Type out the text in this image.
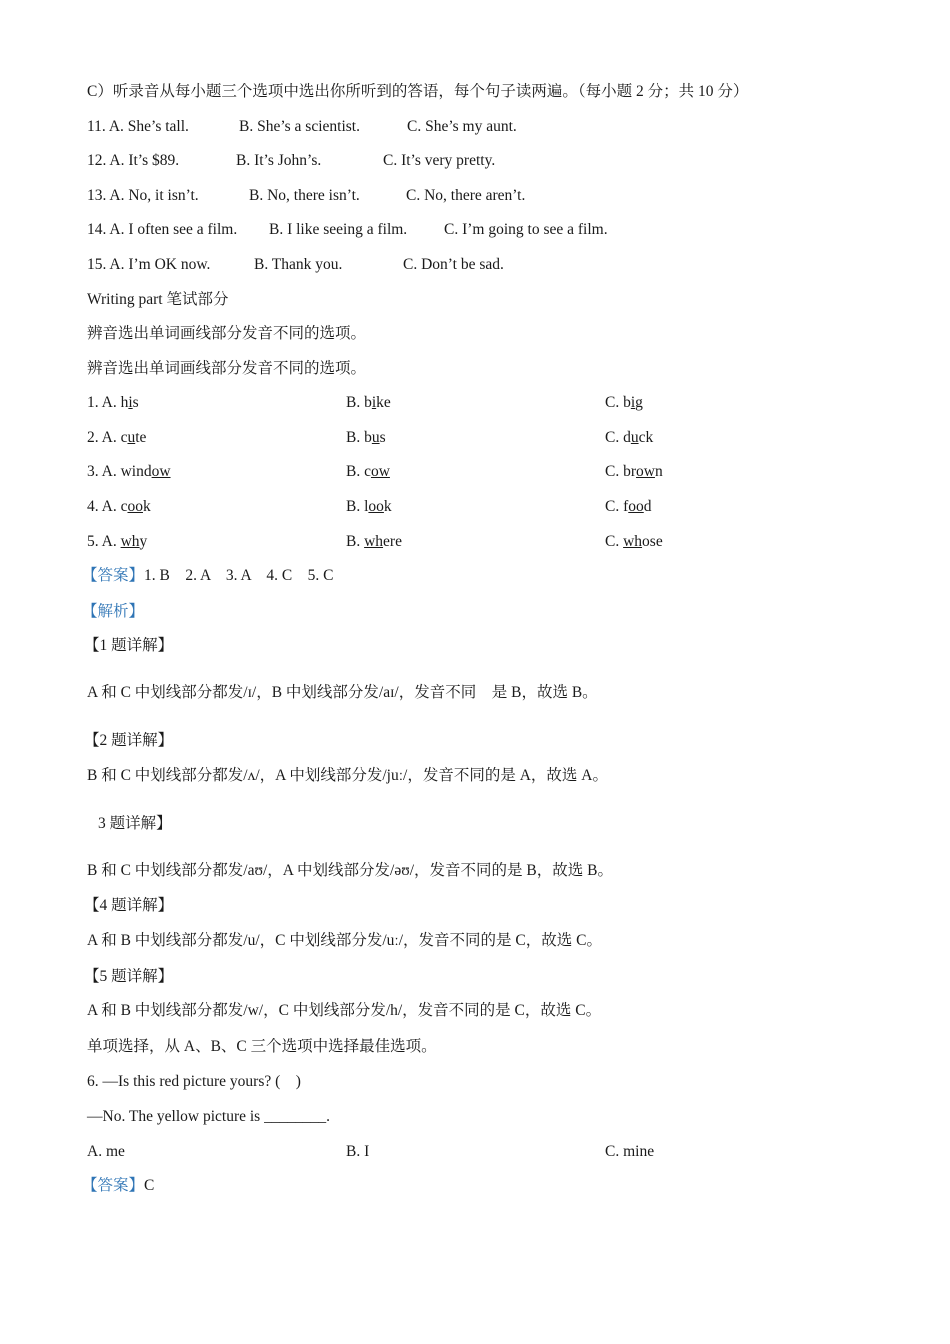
C）听录音从每小题三个选项中选出你所听到的答语，每个句子读两遍。（每小题 2 分；共 10 分）
11. A. She’s tall.	B. She’s a scientist.	C. She’s my aunt.
12. A. It’s $89.	B. It’s John’s.	C. It’s very pretty.
13. A. No, it isn’t.	B. No, there isn’t.	C. No, there aren’t.
14. A. I often see a film. B. I like seeing a film. C. I’m going to see a film.
15. A. I’m OK now.	B. Thank you.	C. Don’t be sad.
Writing part 笔试部分
辨音选出单词画线部分发音不同的选项。
辨音选出单词画线部分发音不同的选项。
1. A. his	B. bike	C. big
2. A. cute	B. bus	C. duck
3. A. window	B. cow	C. brown
4. A. cook	B. look	C. food
5. A. why	B. where	C. whose
【答案】1. B　2. A　3. A　4. C　5. C
【解析】
【1 题详解】
A 和 C 中划线部分都发/ɪ/，B 中划线部分发/aɪ/，发音不同　是 B，故选 B。
【2 题详解】
B 和 C 中划线部分都发/ʌ/，A 中划线部分发/juː/，发音不同的是 A，故选 A。
3 题详解】
B 和 C 中划线部分都发/aʊ/，A 中划线部分发/əʊ/，发音不同的是 B，故选 B。
【4 题详解】
A 和 B 中划线部分都发/u/，C 中划线部分发/uː/，发音不同的是 C，故选 C。
【5 题详解】
A 和 B 中划线部分都发/w/，C 中划线部分发/h/，发音不同的是 C，故选 C。
单项选择，从 A、B、C 三个选项中选择最佳选项。
6. —Is this red picture yours? (　)
—No. The yellow picture is ________.
A. me	B. I	C. mine
【答案】C
